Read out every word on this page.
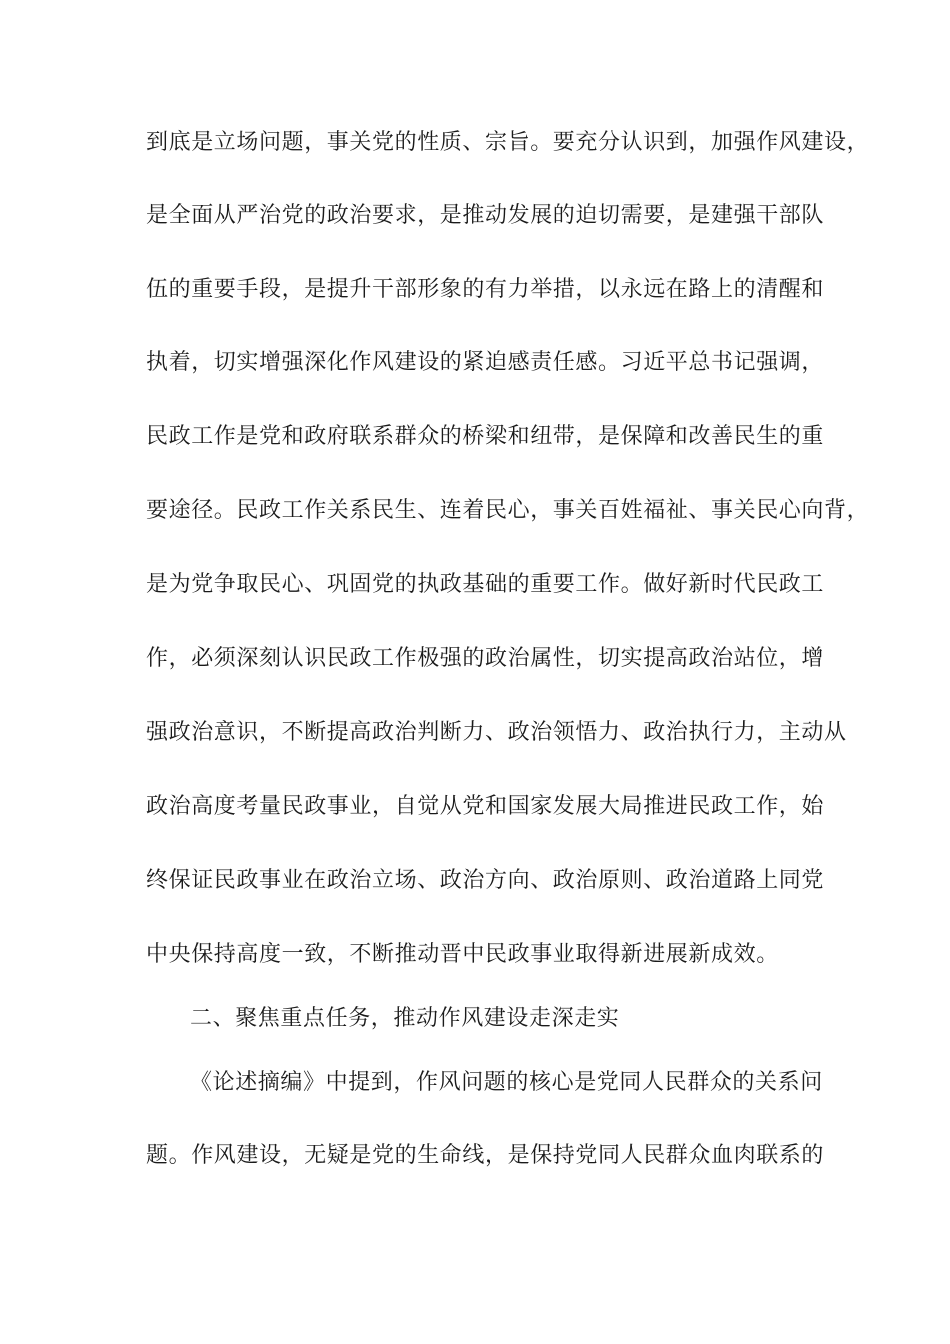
到底是立场问题，事关党的性质、宗旨。要充分认识到，加强作风建设，
是全面从严治党的政治要求，是推动发展的迫切需要，是建强干部队
伍的重要手段，是提升干部形象的有力举措，以永远在路上的清醒和
执着，切实增强深化作风建设的紧迫感责任感。习近平总书记强调，
民政工作是党和政府联系群众的桥梁和纽带，是保障和改善民生的重
要途径。民政工作关系民生、连着民心，事关百姓福祉、事关民心向背，
是为党争取民心、巩固党的执政基础的重要工作。做好新时代民政工
作，必须深刻认识民政工作极强的政治属性，切实提高政治站位，增
强政治意识，不断提高政治判断力、政治领悟力、政治执行力，主动从
政治高度考量民政事业，自觉从党和国家发展大局推进民政工作，始
终保证民政事业在政治立场、政治方向、政治原则、政治道路上同党
中央保持高度一致，不断推动晋中民政事业取得新进展新成效。
二、聚焦重点任务，推动作风建设走深走实
《论述摘编》中提到，作风问题的核心是党同人民群众的关系问
题。作风建设，无疑是党的生命线，是保持党同人民群众血肉联系的
